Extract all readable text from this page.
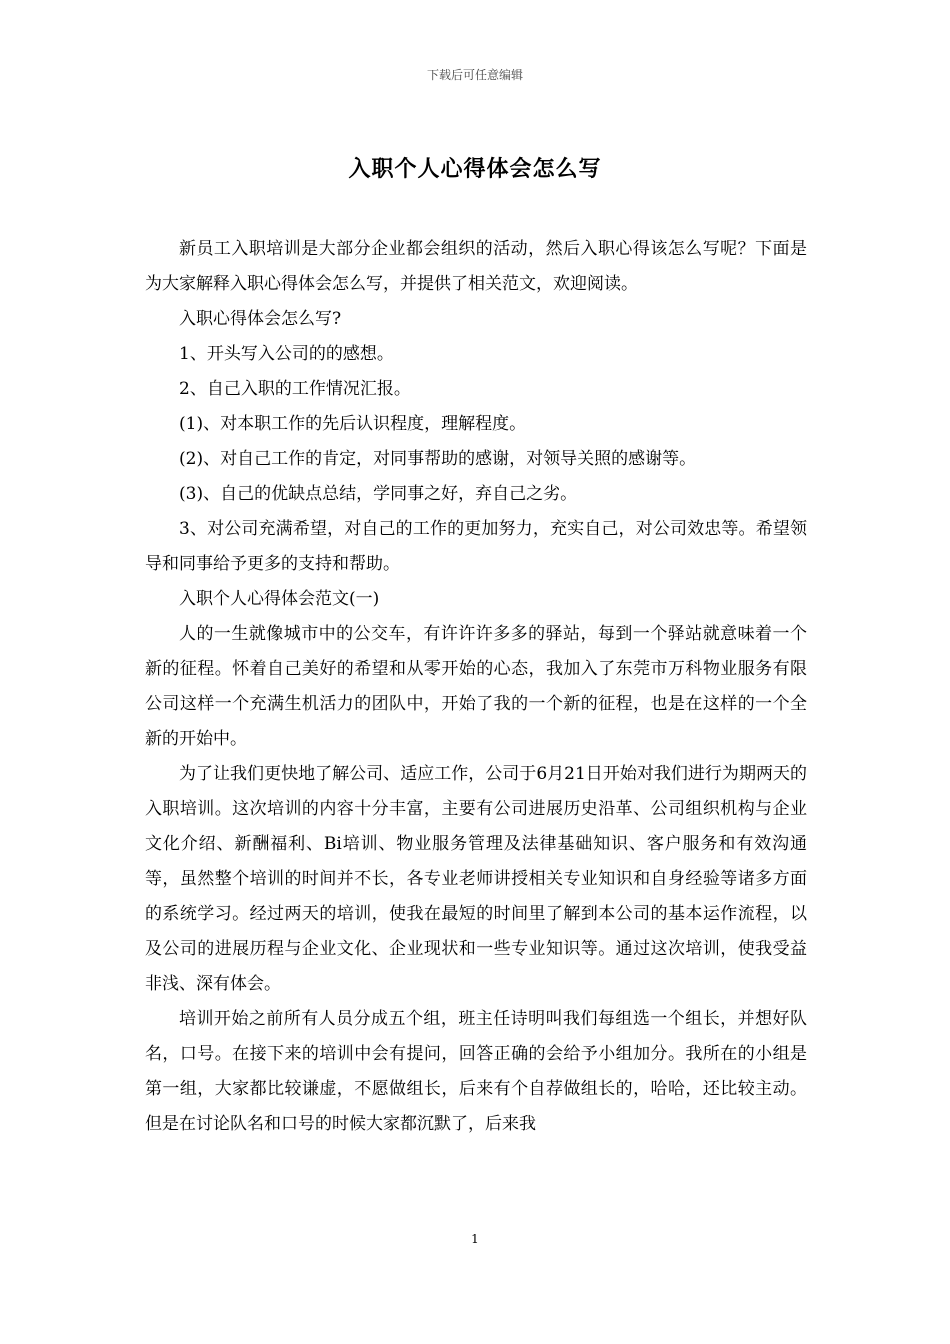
下载后可任意编辑
入职个人心得体会怎么写

新员工入职培训是大部分企业都会组织的活动，然后入职心得该怎么写呢？下面是为大家解释入职心得体会怎么写，并提供了相关范文，欢迎阅读。

入职心得体会怎么写?

1、开头写入公司的的感想。

2、自己入职的工作情况汇报。

(1)、对本职工作的先后认识程度，理解程度。

(2)、对自己工作的肯定，对同事帮助的感谢，对领导关照的感谢等。

(3)、自己的优缺点总结，学同事之好，弃自己之劣。

3、对公司充满希望，对自己的工作的更加努力，充实自己，对公司效忠等。希望领导和同事给予更多的支持和帮助。

入职个人心得体会范文(一)

人的一生就像城市中的公交车，有许许许多多的驿站，每到一个驿站就意味着一个新的征程。怀着自己美好的希望和从零开始的心态，我加入了东莞市万科物业服务有限公司这样一个充满生机活力的团队中，开始了我的一个新的征程，也是在这样的一个全新的开始中。

为了让我们更快地了解公司、适应工作，公司于6月21日开始对我们进行为期两天的入职培训。这次培训的内容十分丰富，主要有公司进展历史沿革、公司组织机构与企业文化介绍、新酬福利、Bi培训、物业服务管理及法律基础知识、客户服务和有效沟通等，虽然整个培训的时间并不长，各专业老师讲授相关专业知识和自身经验等诸多方面的系统学习。经过两天的培训，使我在最短的时间里了解到本公司的基本运作流程，以及公司的进展历程与企业文化、企业现状和一些专业知识等。通过这次培训，使我受益非浅、深有体会。

培训开始之前所有人员分成五个组，班主任诗明叫我们每组选一个组长，并想好队名，口号。在接下来的培训中会有提问，回答正确的会给予小组加分。我所在的小组是第一组，大家都比较谦虚，不愿做组长，后来有个自荐做组长的，哈哈，还比较主动。但是在讨论队名和口号的时候大家都沉默了，后来我

1
